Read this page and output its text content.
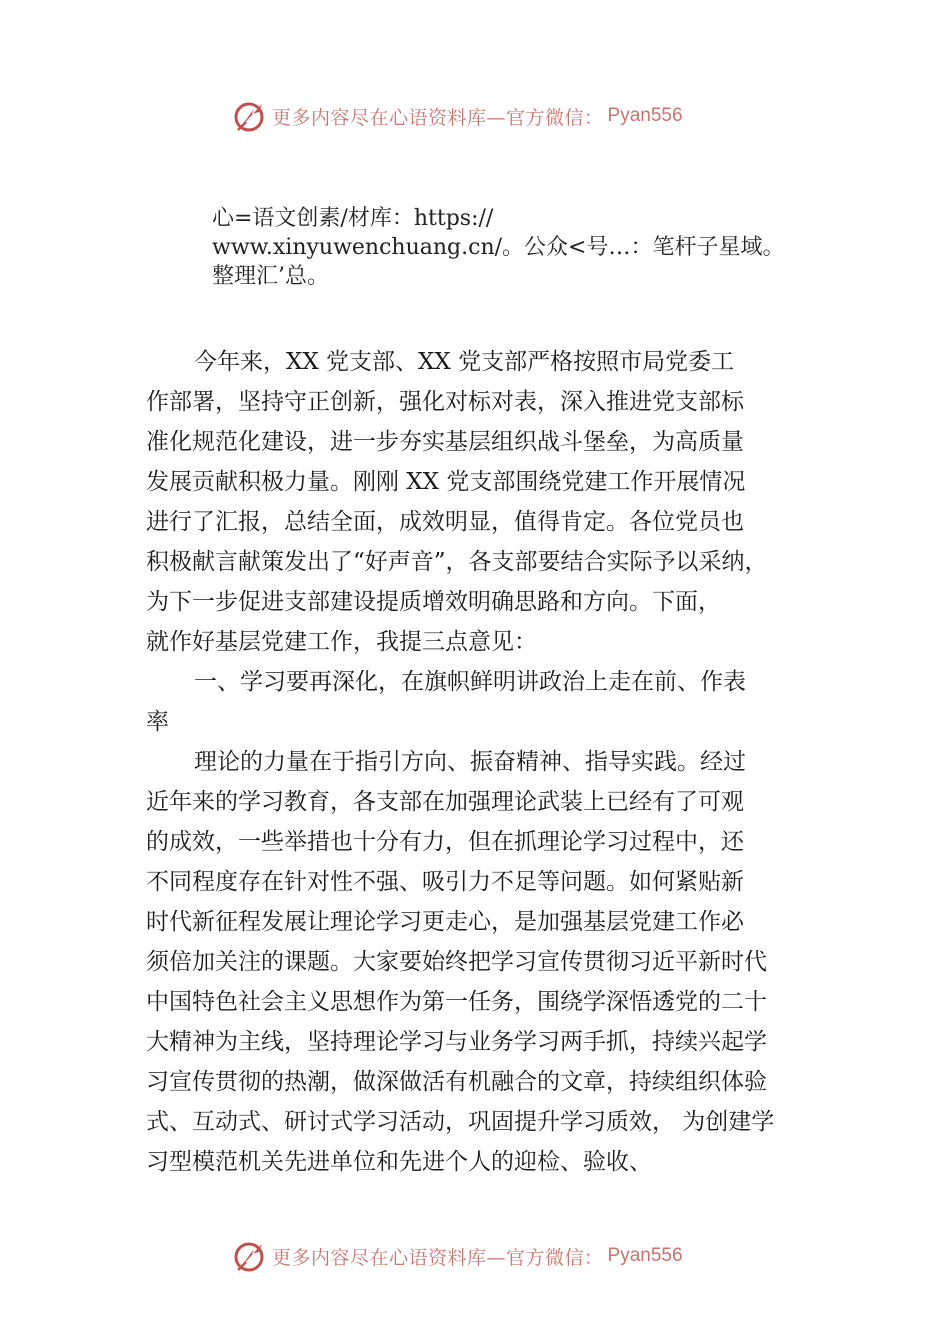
更多内容尽在心语资料库—官方微信： Pyan556
心=语文创素/材库：https://
www.xinyuwenchuang.cn/。公众<号…：笔杆子星域。
整理汇’总。
今年来，XX 党支部、XX 党支部严格按照市局党委工
作部署，坚持守正创新，强化对标对表，深入推进党支部标
准化规范化建设，进一步夯实基层组织战斗堡垒，为高质量
发展贡献积极力量。刚刚 XX 党支部围绕党建工作开展情况
进行了汇报，总结全面，成效明显，值得肯定。各位党员也
积极献言献策发出了“好声音”，各支部要结合实际予以采纳，
为下一步促进支部建设提质增效明确思路和方向。下面，
就作好基层党建工作，我提三点意见：
一、学习要再深化，在旗帜鲜明讲政治上走在前、作表
率
理论的力量在于指引方向、振奋精神、指导实践。经过
近年来的学习教育，各支部在加强理论武装上已经有了可观
的成效，一些举措也十分有力，但在抓理论学习过程中，还
不同程度存在针对性不强、吸引力不足等问题。如何紧贴新
时代新征程发展让理论学习更走心，是加强基层党建工作必
须倍加关注的课题。大家要始终把学习宣传贯彻习近平新时代
中国特色社会主义思想作为第一任务，围绕学深悟透党的二十
大精神为主线，坚持理论学习与业务学习两手抓，持续兴起学
习宣传贯彻的热潮，做深做活有机融合的文章，持续组织体验
式、互动式、研讨式学习活动，巩固提升学习质效， 为创建学
习型模范机关先进单位和先进个人的迎检、验收、
更多内容尽在心语资料库—官方微信： Pyan556
